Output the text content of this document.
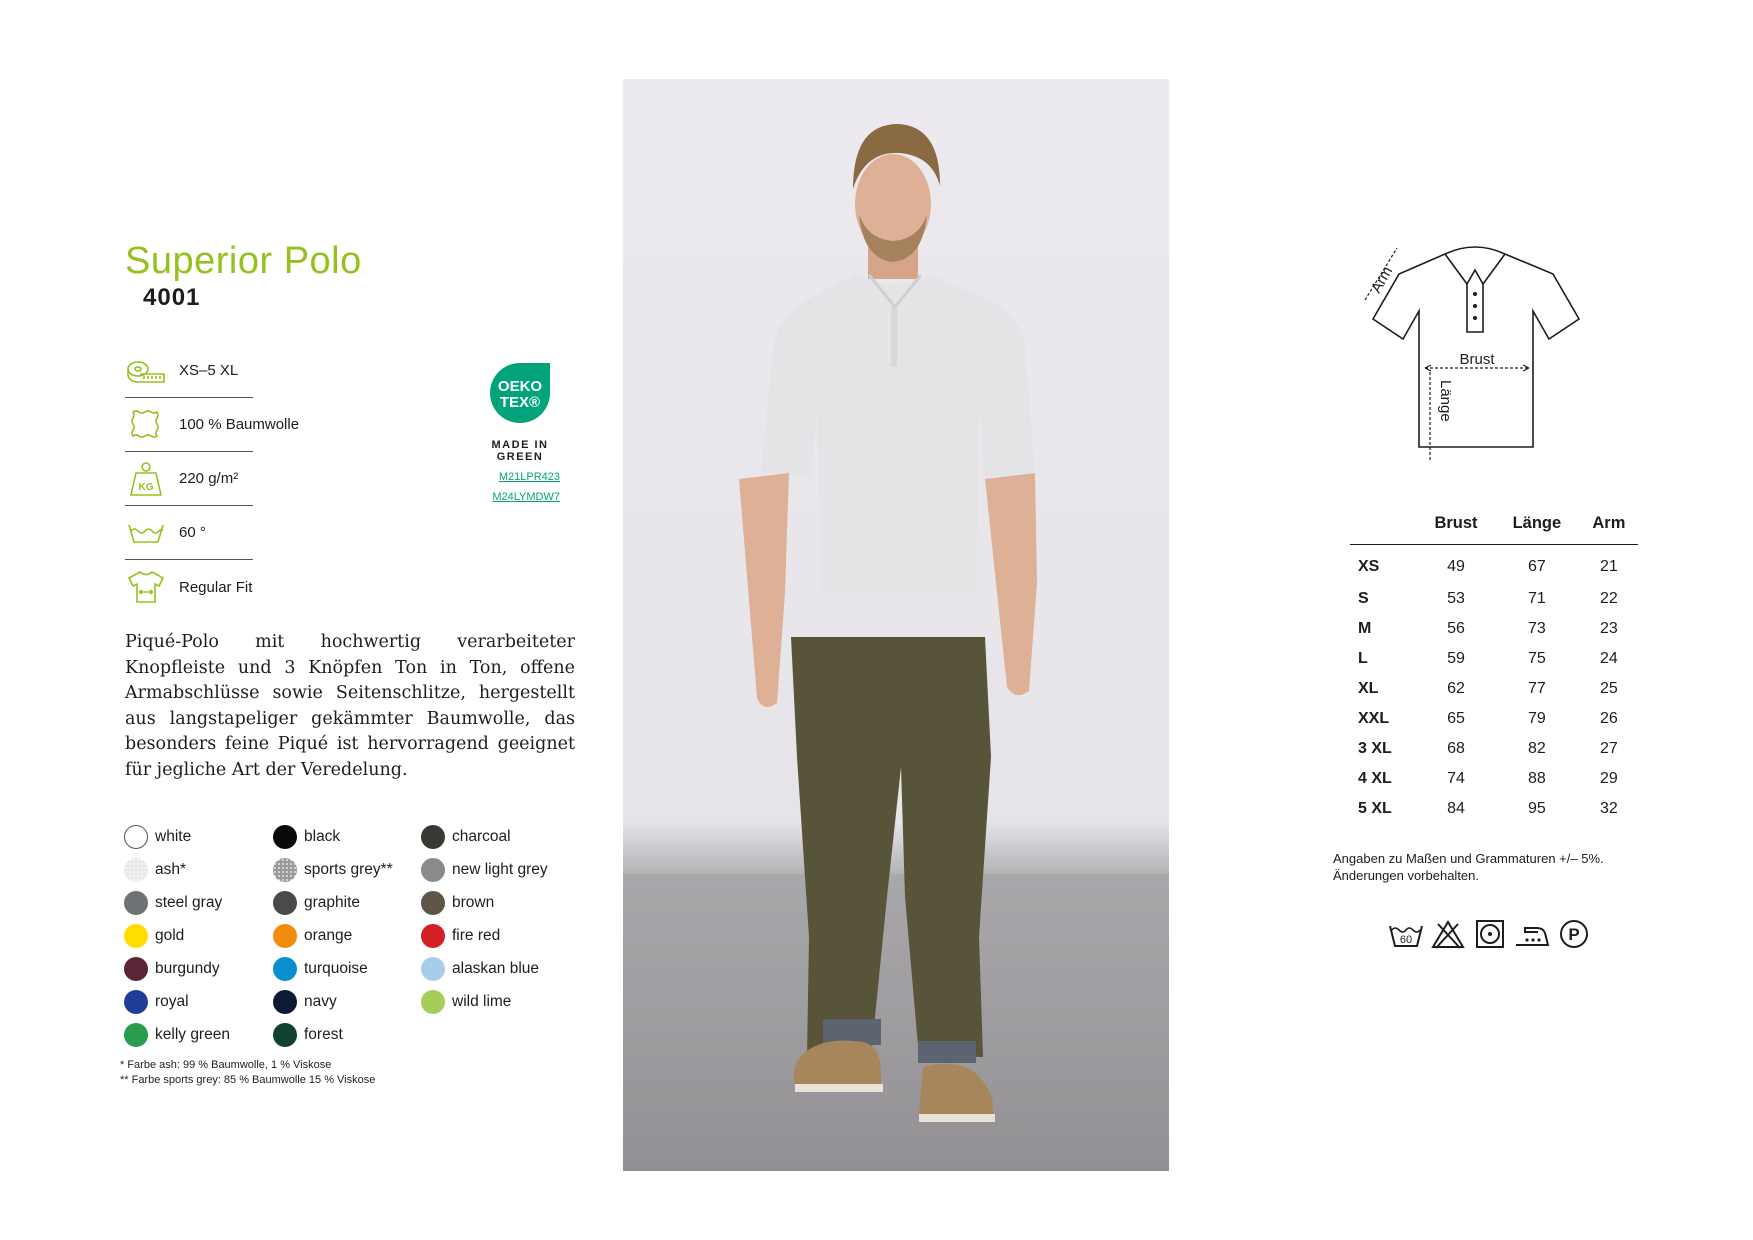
Superior Polo
4001
XS–5 XL
100 % Baumwolle
KG 220 g/m²
60 °
Regular Fit
OEKO
TEX®
MADE IN
GREEN
M21LPR423
M24LYMDW7

Piqué-Polo mit hochwertig verarbeiteter Knopfleiste und 3 Knöpfen Ton in Ton, offene Armabschlüsse sowie Seitenschlitze, hergestellt aus langstapeliger gekämmter Baumwolle, das besonders feine Piqué ist hervorragend geeignet für jegliche Art der Veredelung.

white	black	charcoal
ash*	sports grey**	new light grey
steel gray	graphite	brown
gold	orange	fire red
burgundy	turquoise	alaskan blue
royal	navy	wild lime
kelly green	forest
* Farbe ash: 99 % Baumwolle, 1 % Viskose
** Farbe sports grey: 85 % Baumwolle 15 % Viskose
Brust
Länge
Arm
	Brust	Länge	Arm
XS	49	67	21
S	53	71	22
M	56	73	23
L	59	75	24
XL	62	77	25
XXL	65	79	26
3 XL	68	82	27
4 XL	74	88	29
5 XL	84	95	32
Angaben zu Maßen und Grammaturen +/– 5%.
Änderungen vorbehalten.
60	P
